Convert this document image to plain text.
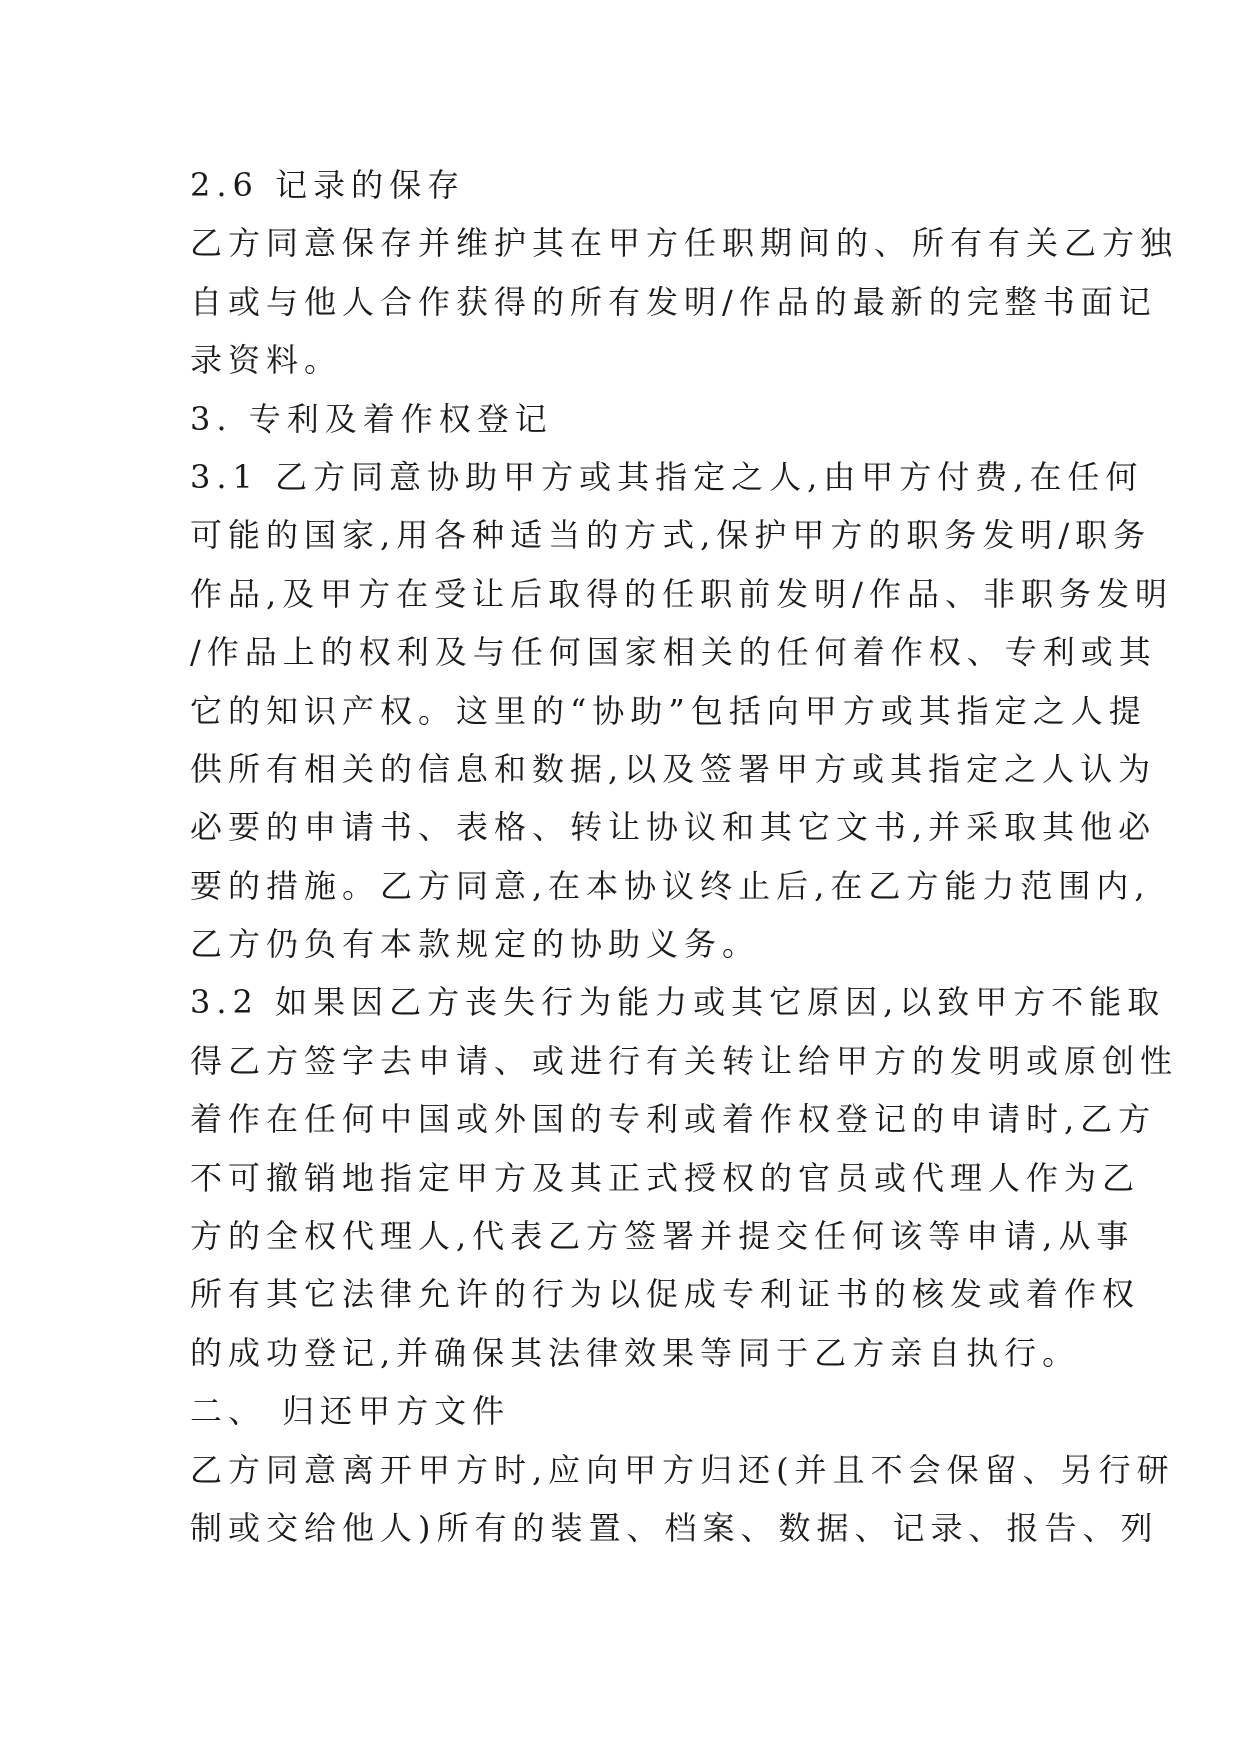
2.6 记录的保存
乙方同意保存并维护其在甲方任职期间的、所有有关乙方独
自或与他人合作获得的所有发明/作品的最新的完整书面记
录资料。
3. 专利及着作权登记
3.1 乙方同意协助甲方或其指定之人,由甲方付费,在任何
可能的国家,用各种适当的方式,保护甲方的职务发明/职务
作品,及甲方在受让后取得的任职前发明/作品、非职务发明
/作品上的权利及与任何国家相关的任何着作权、专利或其
它的知识产权。这里的“协助”包括向甲方或其指定之人提
供所有相关的信息和数据,以及签署甲方或其指定之人认为
必要的申请书、表格、转让协议和其它文书,并采取其他必
要的措施。乙方同意,在本协议终止后,在乙方能力范围内,
乙方仍负有本款规定的协助义务。
3.2 如果因乙方丧失行为能力或其它原因,以致甲方不能取
得乙方签字去申请、或进行有关转让给甲方的发明或原创性
着作在任何中国或外国的专利或着作权登记的申请时,乙方
不可撤销地指定甲方及其正式授权的官员或代理人作为乙
方的全权代理人,代表乙方签署并提交任何该等申请,从事
所有其它法律允许的行为以促成专利证书的核发或着作权
的成功登记,并确保其法律效果等同于乙方亲自执行。
二、 归还甲方文件
乙方同意离开甲方时,应向甲方归还(并且不会保留、另行研
制或交给他人)所有的装置、档案、数据、记录、报告、列
